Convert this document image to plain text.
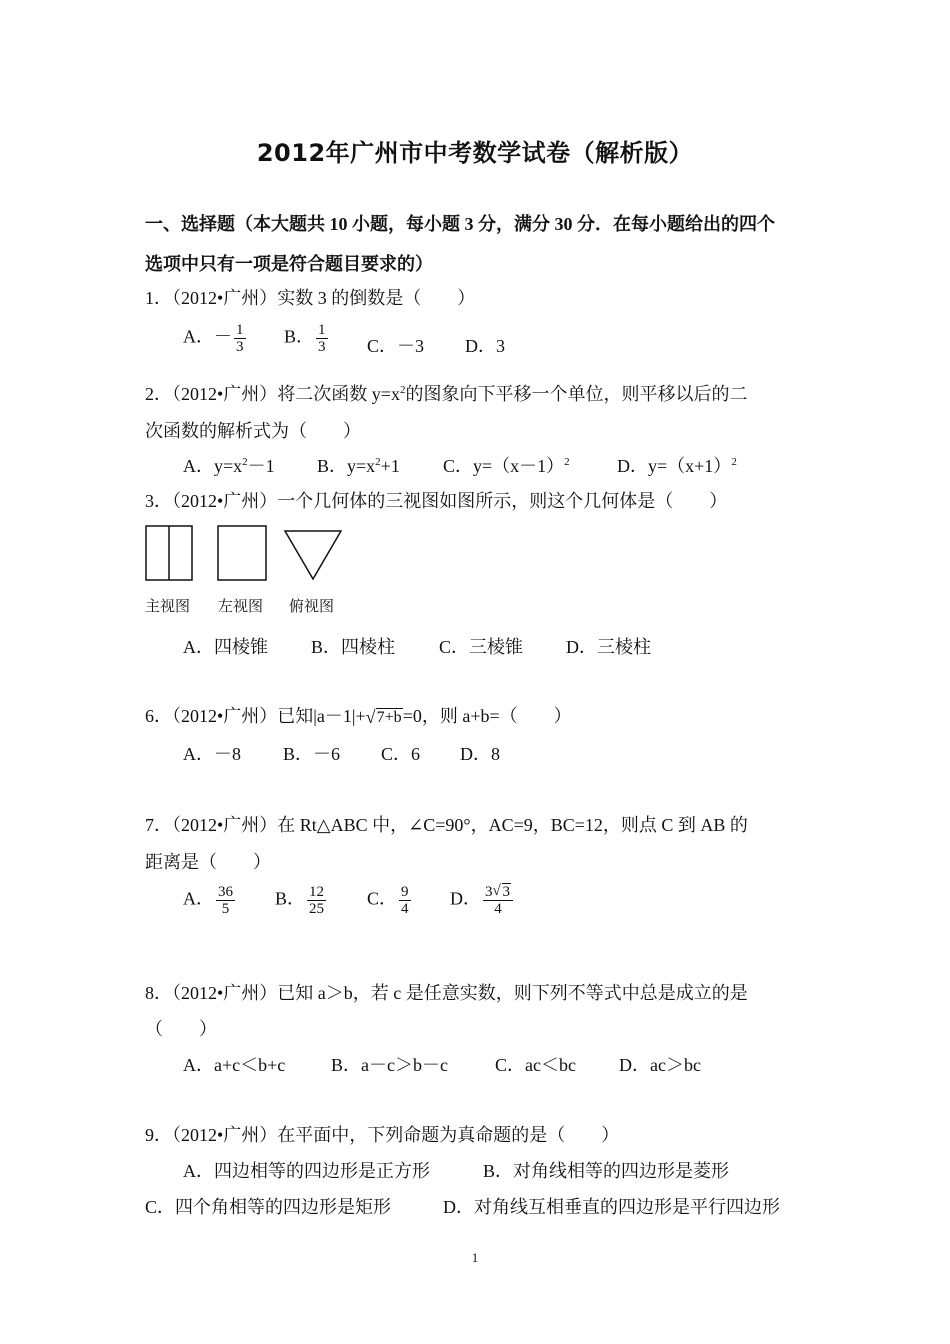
2012年广州市中考数学试卷（解析版）
一、选择题（本大题共 10 小题，每小题 3 分，满分 30 分．在每小题给出的四个
选项中只有一项是符合题目要求的）
1．（2012•广州）实数 3 的倒数是（　　）
A．－ $\frac{1}{3}$ B． $\frac{1}{3}$ C．－3 D．3
2．（2012•广州）将二次函数 $y=x^2$的图象向下平移一个单位，则平移以后的二
次函数的解析式为（　　）
A．$y=x^2-1$ B．$y=x^2+1$ C．$y=(x-1)^2$	D．$y=(x+1)^2$
3．（2012•广州）一个几何体的三视图如图所示，则这个几何体是（　　）
主视图 左视图 俯视图
A．四棱锥 B．四棱柱 C．三棱锥 D．三棱柱
6．（2012•广州）已知|a－1|+ √ 7+b=0，则 a+b=（　　）
A．－8 B．－6 C．6 D．8
7．（2012•广州）在 Rt△ABC 中，∠C=90°，AC=9，BC=12，则点 C 到 AB 的
距离是（　　）
A． $\frac{36}{5}$ B． $\frac{12}{25}$ C． $\frac{9}{4}$ D． $\frac{3 √ 3}{4}$
8．（2012•广州）已知 a＞b，若 c 是任意实数，则下列不等式中总是成立的是
（　　）
A．a+c＜b+c	B．a－c＞b－c	C．ac＜bc D．ac＞bc
9．（2012•广州）在平面中，下列命题为真命题的是（　　）
A．四边相等的四边形是正方形	B．对角线相等的四边形是菱形
C．四个角相等的四边形是矩形	D．对角线互相垂直的四边形是平行四边形
1
